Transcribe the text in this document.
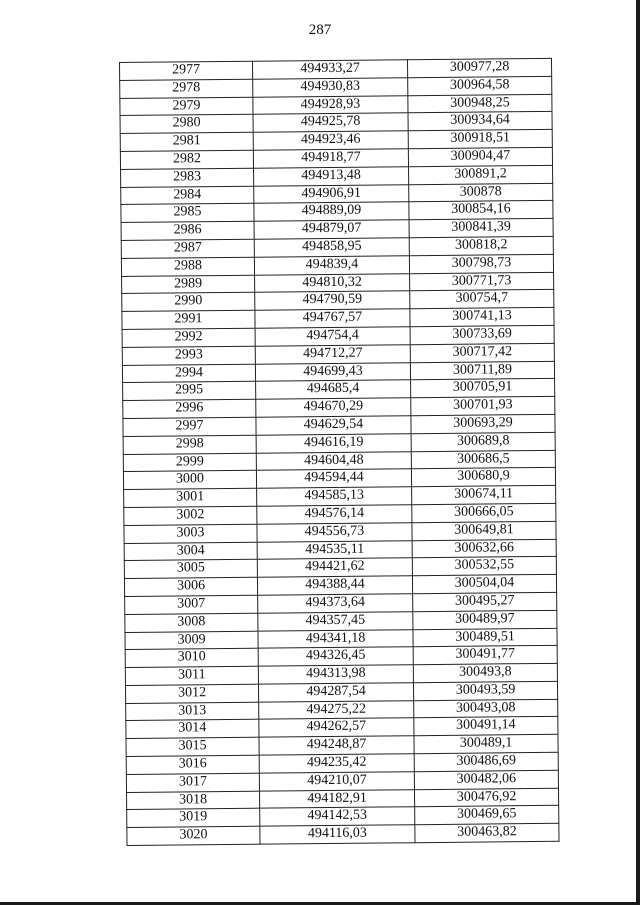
287
2977	494933,27	300977,28
2978	494930,83	300964,58
2979	494928,93	300948,25
2980	494925,78	300934,64
2981	494923,46	300918,51
2982	494918,77	300904,47
2983	494913,48	300891,2
2984	494906,91	300878
2985	494889,09	300854,16
2986	494879,07	300841,39
2987	494858,95	300818,2
2988	494839,4	300798,73
2989	494810,32	300771,73
2990	494790,59	300754,7
2991	494767,57	300741,13
2992	494754,4	300733,69
2993	494712,27	300717,42
2994	494699,43	300711,89
2995	494685,4	300705,91
2996	494670,29	300701,93
2997	494629,54	300693,29
2998	494616,19	300689,8
2999	494604,48	300686,5
3000	494594,44	300680,9
3001	494585,13	300674,11
3002	494576,14	300666,05
3003	494556,73	300649,81
3004	494535,11	300632,66
3005	494421,62	300532,55
3006	494388,44	300504,04
3007	494373,64	300495,27
3008	494357,45	300489,97
3009	494341,18	300489,51
3010	494326,45	300491,77
3011	494313,98	300493,8
3012	494287,54	300493,59
3013	494275,22	300493,08
3014	494262,57	300491,14
3015	494248,87	300489,1
3016	494235,42	300486,69
3017	494210,07	300482,06
3018	494182,91	300476,92
3019	494142,53	300469,65
3020	494116,03	300463,82
